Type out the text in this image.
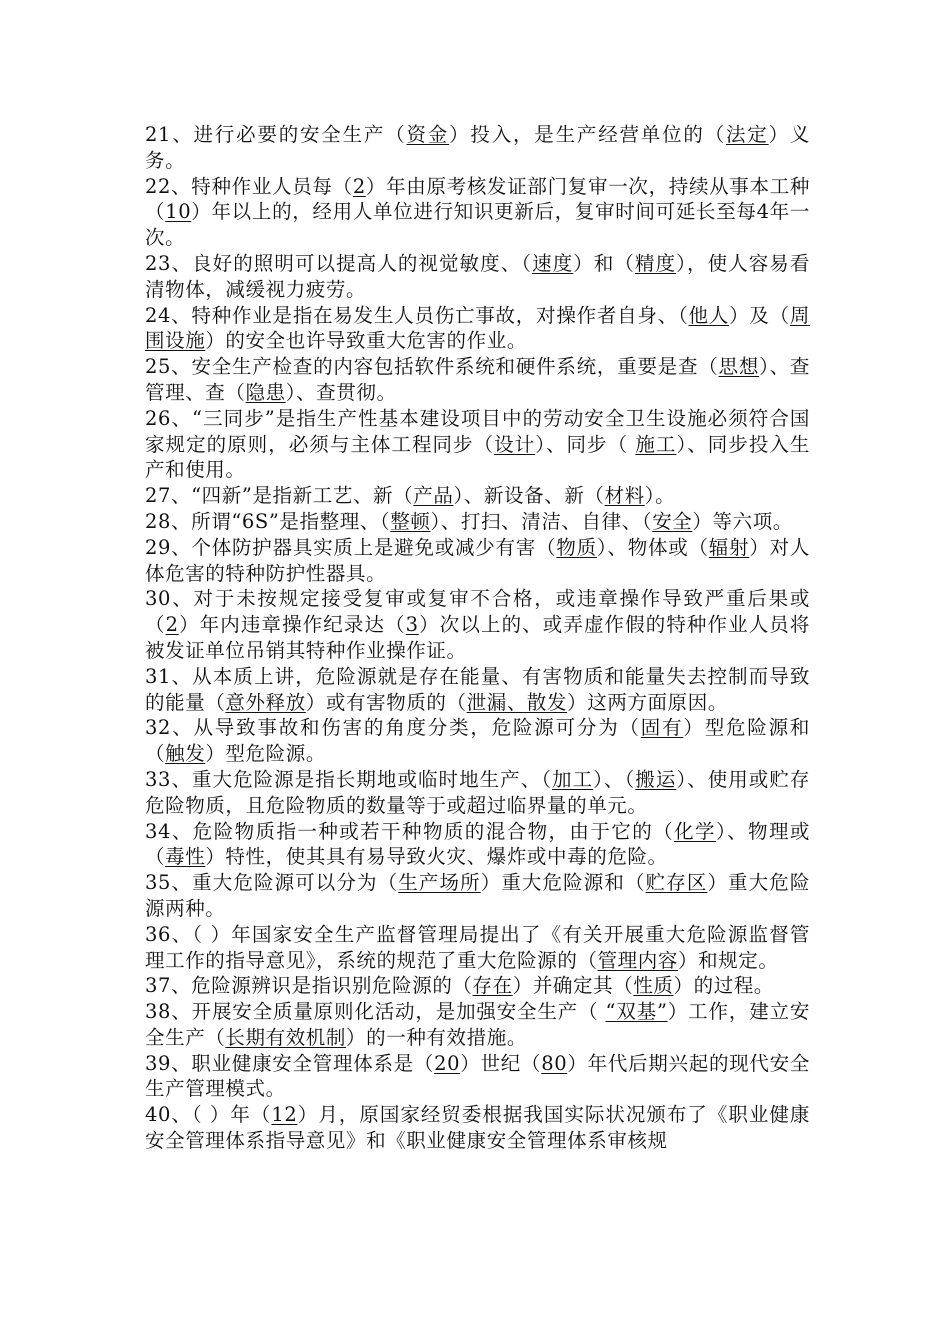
21、进行必要的安全生产（资金）投入，是生产经营单位的（法定）义务。

22、特种作业人员每（2）年由原考核发证部门复审一次，持续从事本工种（10）年以上的，经用人单位进行知识更新后，复审时间可延长至每4年一次。

23、良好的照明可以提高人的视觉敏度、（速度）和（精度），使人容易看清物体，减缓视力疲劳。

24、特种作业是指在易发生人员伤亡事故，对操作者自身、（他人）及（周围设施）的安全也许导致重大危害的作业。

25、安全生产检查的内容包括软件系统和硬件系统，重要是查（思想）、查管理、查（隐患）、查贯彻。

26、“三同步”是指生产性基本建设项目中的劳动安全卫生设施必须符合国家规定的原则，必须与主体工程同步（设计）、同步（ 施工）、同步投入生产和使用。

27、“四新”是指新工艺、新（产品）、新设备、新（材料）。

28、所谓“6S”是指整理、（整顿）、打扫、清洁、自律、（安全）等六项。

29、个体防护器具实质上是避免或减少有害（物质）、物体或（辐射）对人体危害的特种防护性器具。

30、对于未按规定接受复审或复审不合格，或违章操作导致严重后果或（2）年内违章操作纪录达（3）次以上的、或弄虚作假的特种作业人员将被发证单位吊销其特种作业操作证。

31、从本质上讲，危险源就是存在能量、有害物质和能量失去控制而导致的能量（意外释放）或有害物质的（泄漏、散发）这两方面原因。

32、从导致事故和伤害的角度分类，危险源可分为（固有）型危险源和（触发）型危险源。

33、重大危险源是指长期地或临时地生产、（加工）、（搬运）、使用或贮存危险物质，且危险物质的数量等于或超过临界量的单元。

34、危险物质指一种或若干种物质的混合物，由于它的（化学）、物理或（毒性）特性，使其具有易导致火灾、爆炸或中毒的危险。

35、重大危险源可以分为（生产场所）重大危险源和（贮存区）重大危险源两种。

36、（ ）年国家安全生产监督管理局提出了《有关开展重大危险源监督管理工作的指导意见》，系统的规范了重大危险源的（管理内容）和规定。

37、危险源辨识是指识别危险源的（存在）并确定其（性质）的过程。

38、开展安全质量原则化活动，是加强安全生产（ “双基”）工作，建立安全生产（长期有效机制）的一种有效措施。

39、职业健康安全管理体系是（20）世纪（80）年代后期兴起的现代安全生产管理模式。

40、（ ）年（12）月，原国家经贸委根据我国实际状况颁布了《职业健康安全管理体系指导意见》和《职业健康安全管理体系审核规
